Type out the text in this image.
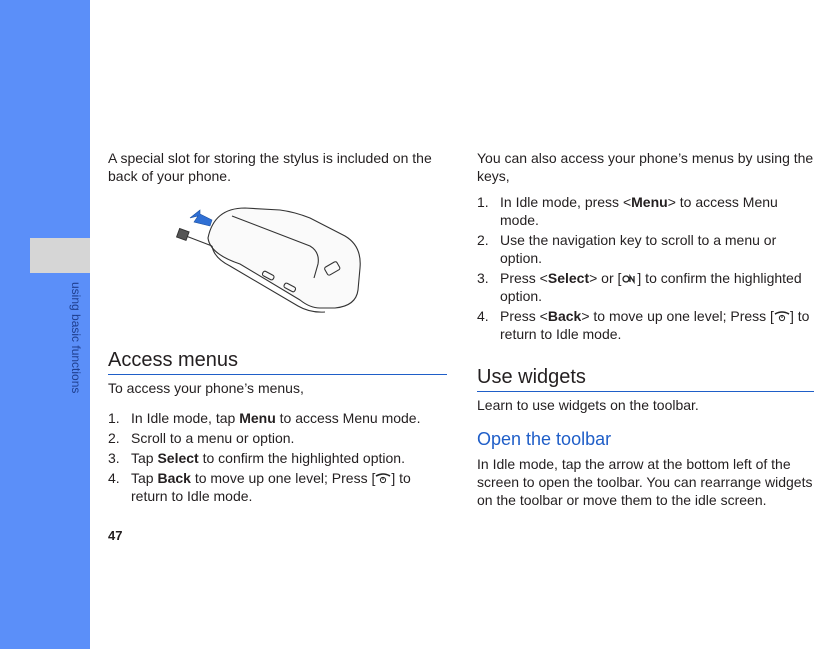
using basic functions

A special slot for storing the stylus is included on the back of your phone.

Access menus

To access your phone’s menus,

1. In Idle mode, tap Menu to access Menu mode.
2. Scroll to a menu or option.
3. Tap Select to confirm the highlighted option.
4. Tap Back to move up one level; Press [ ] to return to Idle mode.
47

You can also access your phone’s menus by using the keys,

1. In Idle mode, press <Menu> to access Menu mode.
2. Use the navigation key to scroll to a menu or option.
3. Press <Select> or [ ] to confirm the highlighted option.
4. Press <Back> to move up one level; Press [ ] to return to Idle mode.
Use widgets

Learn to use widgets on the toolbar.

Open the toolbar

In Idle mode, tap the arrow at the bottom left of the screen to open the toolbar. You can rearrange widgets on the toolbar or move them to the idle screen.
